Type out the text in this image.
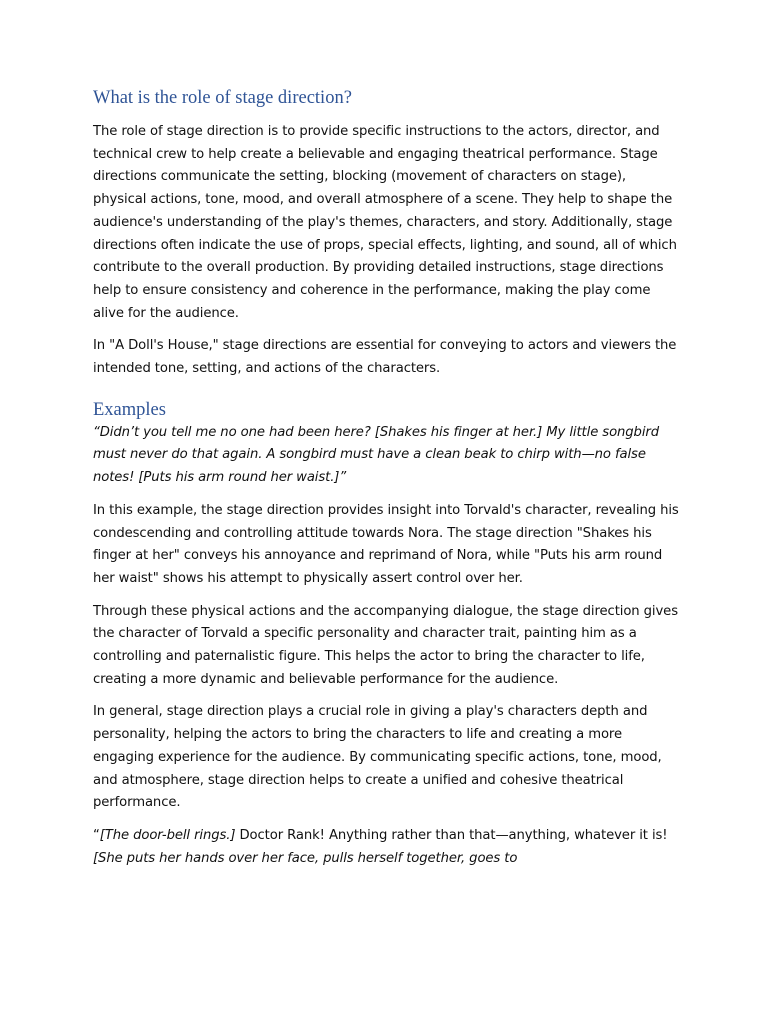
What is the role of stage direction?

The role of stage direction is to provide specific instructions to the actors, director, and technical crew to help create a believable and engaging theatrical performance. Stage directions communicate the setting, blocking (movement of characters on stage), physical actions, tone, mood, and overall atmosphere of a scene. They help to shape the audience's understanding of the play's themes, characters, and story. Additionally, stage directions often indicate the use of props, special effects, lighting, and sound, all of which contribute to the overall production. By providing detailed instructions, stage directions help to ensure consistency and coherence in the performance, making the play come alive for the audience.

In "A Doll's House," stage directions are essential for conveying to actors and viewers the intended tone, setting, and actions of the characters.

Examples

“Didn’t you tell me no one had been here? [Shakes his finger at her.] My little songbird must never do that again. A songbird must have a clean beak to chirp with—no false notes! [Puts his arm round her waist.]”

In this example, the stage direction provides insight into Torvald's character, revealing his condescending and controlling attitude towards Nora. The stage direction "Shakes his finger at her" conveys his annoyance and reprimand of Nora, while "Puts his arm round her waist" shows his attempt to physically assert control over her.

Through these physical actions and the accompanying dialogue, the stage direction gives the character of Torvald a specific personality and character trait, painting him as a controlling and paternalistic figure. This helps the actor to bring the character to life, creating a more dynamic and believable performance for the audience.

In general, stage direction plays a crucial role in giving a play's characters depth and personality, helping the actors to bring the characters to life and creating a more engaging experience for the audience. By communicating specific actions, tone, mood, and atmosphere, stage direction helps to create a unified and cohesive theatrical performance.

“[The door-bell rings.] Doctor Rank! Anything rather than that—anything, whatever it is! [She puts her hands over her face, pulls herself together, goes to
